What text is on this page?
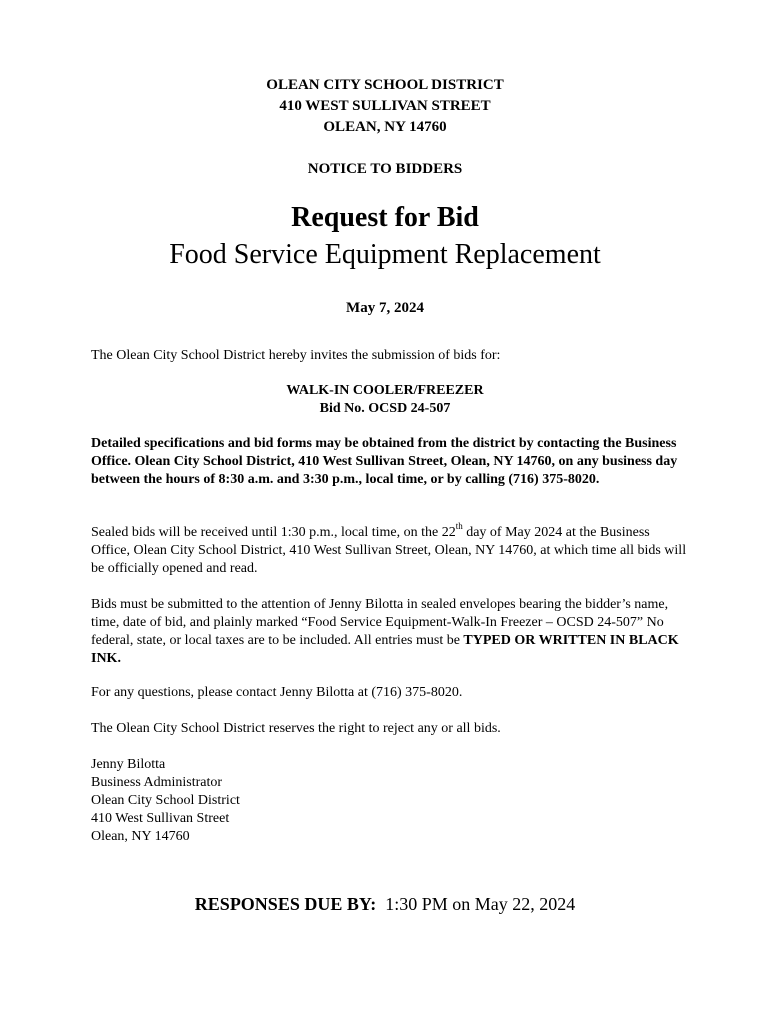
OLEAN CITY SCHOOL DISTRICT
410 WEST SULLIVAN STREET
OLEAN, NY 14760
NOTICE TO BIDDERS
Request for Bid
Food Service Equipment Replacement
May 7, 2024

The Olean City School District hereby invites the submission of bids for:

WALK-IN COOLER/FREEZER
Bid No. OCSD 24-507

Detailed specifications and bid forms may be obtained from the district by contacting the Business Office. Olean City School District, 410 West Sullivan Street, Olean, NY 14760, on any business day between the hours of 8:30 a.m. and 3:30 p.m., local time, or by calling (716) 375-8020.

Sealed bids will be received until 1:30 p.m., local time, on the 22th day of May 2024 at the Business Office, Olean City School District, 410 West Sullivan Street, Olean, NY 14760, at which time all bids will be officially opened and read.

Bids must be submitted to the attention of Jenny Bilotta in sealed envelopes bearing the bidder’s name, time, date of bid, and plainly marked “Food Service Equipment-Walk-In Freezer – OCSD 24-507” No federal, state, or local taxes are to be included. All entries must be TYPED OR WRITTEN IN BLACK INK.

For any questions, please contact Jenny Bilotta at (716) 375-8020.

The Olean City School District reserves the right to reject any or all bids.

Jenny Bilotta
Business Administrator
Olean City School District
410 West Sullivan Street
Olean, NY 14760
RESPONSES DUE BY: 1:30 PM on May 22, 2024
